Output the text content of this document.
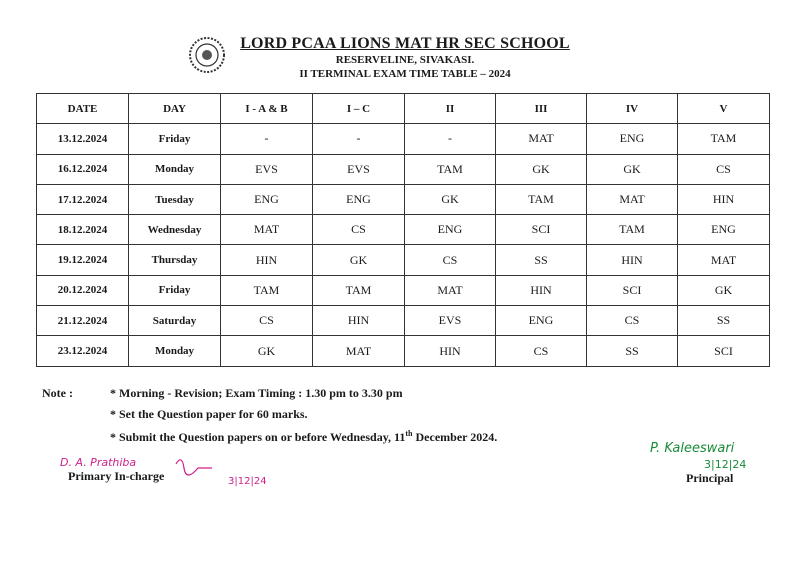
LORD PCAA LIONS MAT HR SEC SCHOOL
RESERVELINE, SIVAKASI.
II TERMINAL EXAM TIME TABLE – 2024
DATE	DAY	I - A & B	I – C	II	III	IV	V
13.12.2024	Friday	-	-	-	MAT	ENG	TAM
16.12.2024	Monday	EVS	EVS	TAM	GK	GK	CS
17.12.2024	Tuesday	ENG	ENG	GK	TAM	MAT	HIN
18.12.2024	Wednesday	MAT	CS	ENG	SCI	TAM	ENG
19.12.2024	Thursday	HIN	GK	CS	SS	HIN	MAT
20.12.2024	Friday	TAM	TAM	MAT	HIN	SCI	GK
21.12.2024	Saturday	CS	HIN	EVS	ENG	CS	SS
23.12.2024	Monday	GK	MAT	HIN	CS	SS	SCI
Note :	* Morning - Revision; Exam Timing : 1.30 pm to 3.30 pm
* Set the Question paper for 60 marks.
* Submit the Question papers on or before Wednesday, 11th December 2024.
D. A. Prathiba
3|12|24
Primary In-charge
P. Kaleeswari
3|12|24
Principal
